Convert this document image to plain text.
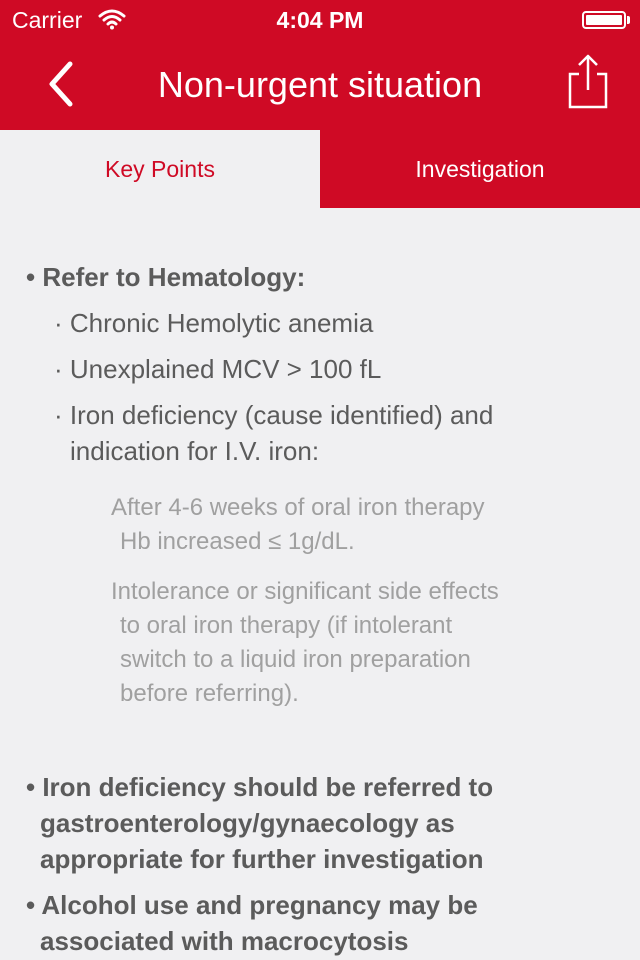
Carrier	4:04 PM
Non-urgent situation
Key Points	Investigation
• Refer to Hematology:
· Chronic Hemolytic anemia
· Unexplained MCV > 100 fL
· Iron deficiency (cause identified) and
indication for I.V. iron:
After 4-6 weeks of oral iron therapy
Hb increased ≤ 1g/dL.
Intolerance or significant side effects
to oral iron therapy (if intolerant
switch to a liquid iron preparation
before referring).
• Iron deficiency should be referred to
gastroenterology/gynaecology as
appropriate for further investigation
• Alcohol use and pregnancy may be
associated with macrocytosis
